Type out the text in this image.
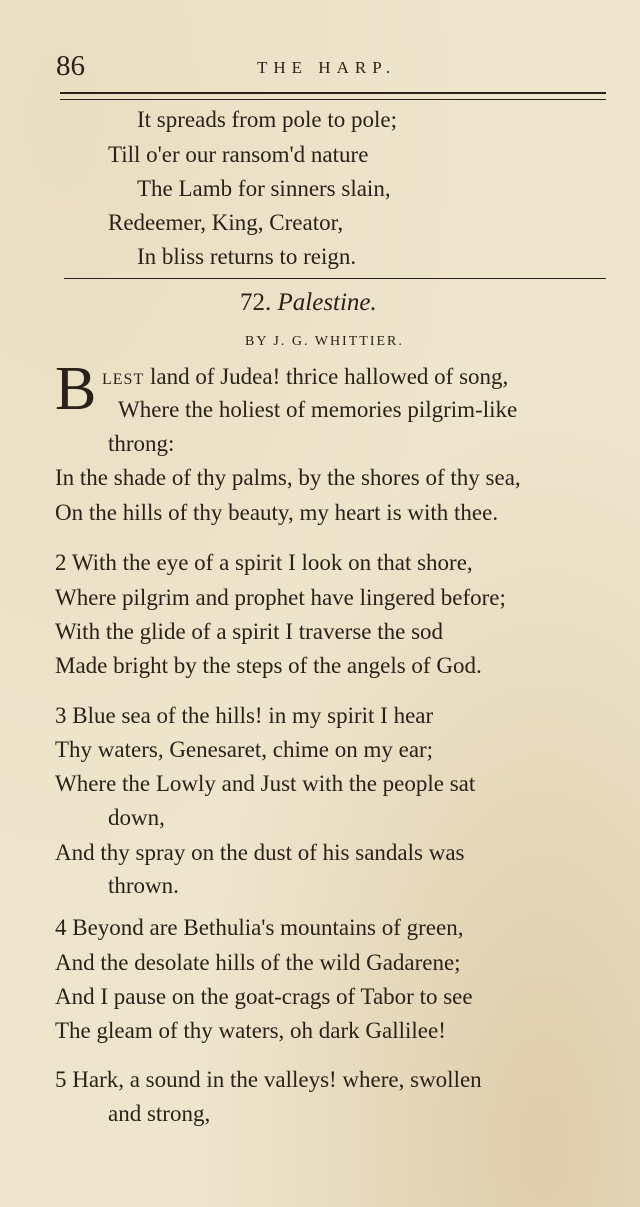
86	THE HARP.
It spreads from pole to pole;
Till o'er our ransom'd nature
The Lamb for sinners slain,
Redeemer, King, Creator,
In bliss returns to reign.
72. Palestine.
BY J. G. WHITTIER.
B LEST land of Judea! thrice hallowed of song,
Where the holiest of memories pilgrim-like
throng:
In the shade of thy palms, by the shores of thy sea,
On the hills of thy beauty, my heart is with thee.
2 With the eye of a spirit I look on that shore,
Where pilgrim and prophet have lingered before;
With the glide of a spirit I traverse the sod
Made bright by the steps of the angels of God.
3 Blue sea of the hills! in my spirit I hear
Thy waters, Genesaret, chime on my ear;
Where the Lowly and Just with the people sat
down,
And thy spray on the dust of his sandals was
thrown.
4 Beyond are Bethulia's mountains of green,
And the desolate hills of the wild Gadarene;
And I pause on the goat-crags of Tabor to see
The gleam of thy waters, oh dark Gallilee!
5 Hark, a sound in the valleys! where, swollen
and strong,
